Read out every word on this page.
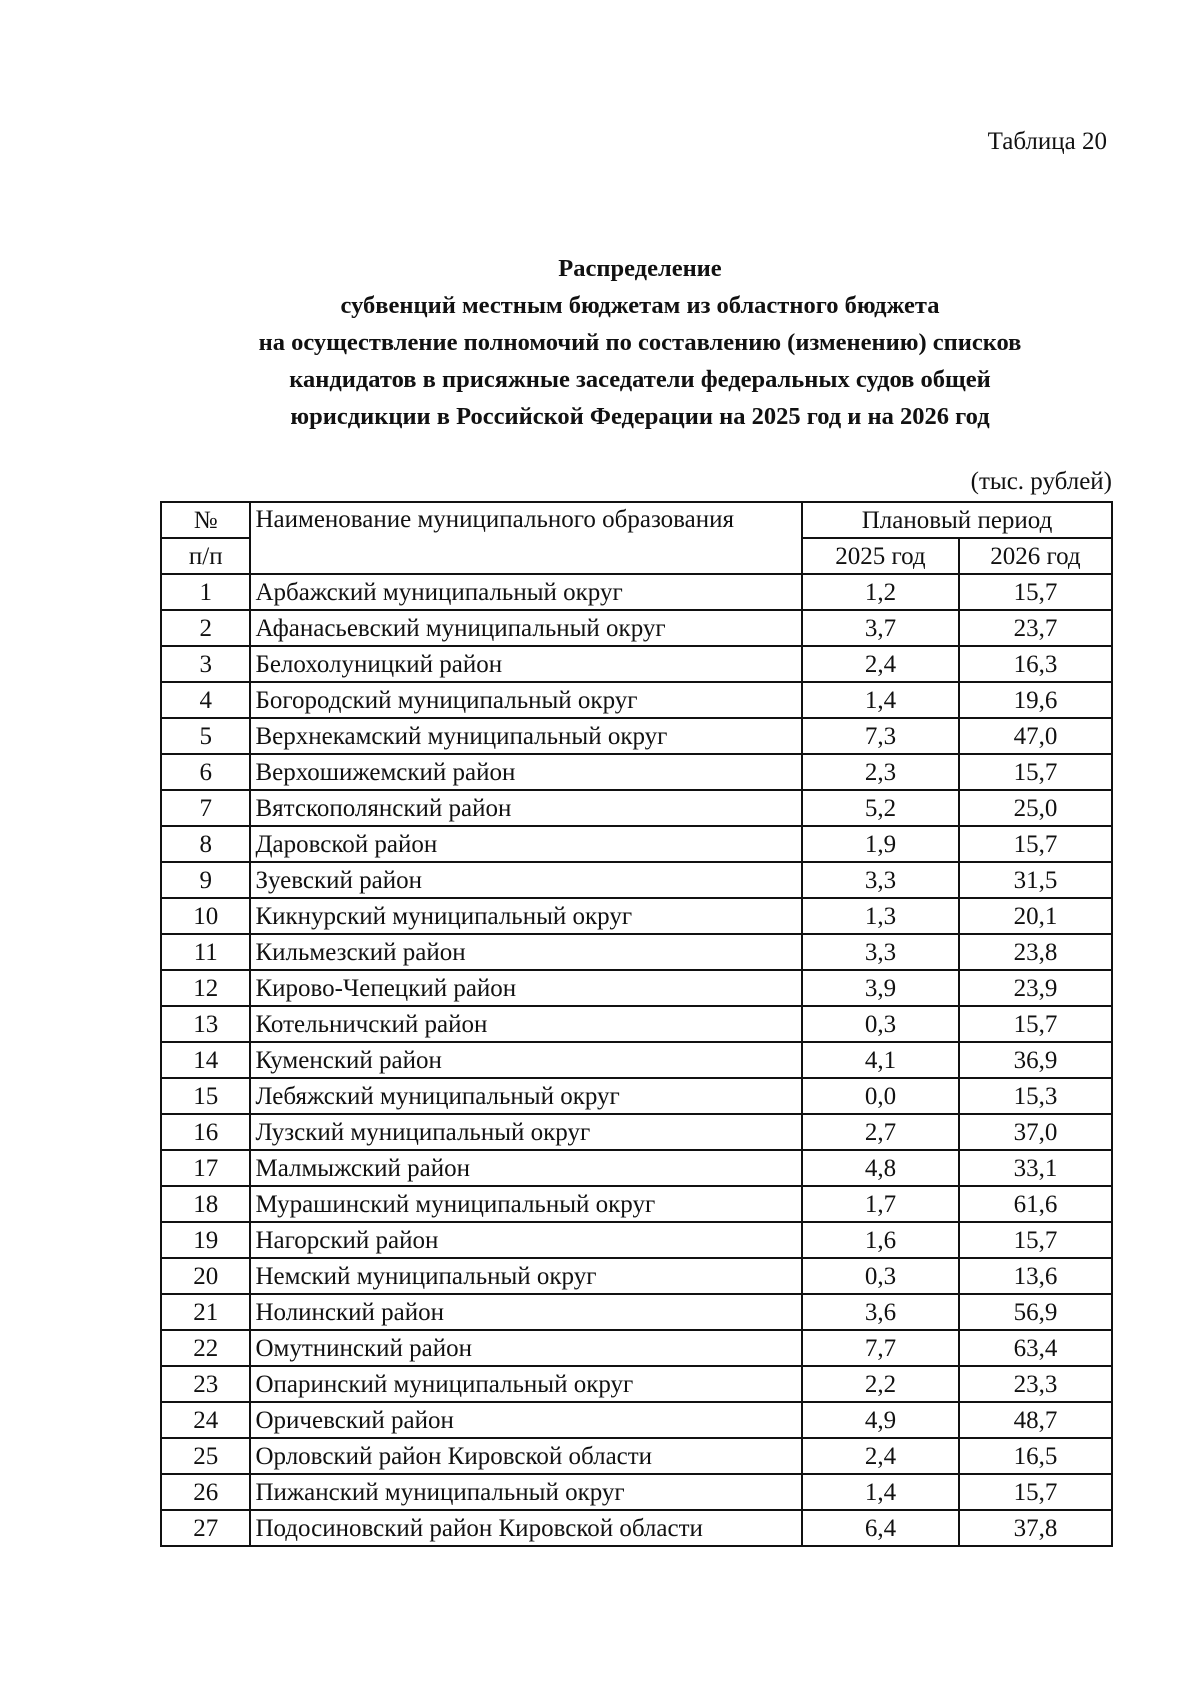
Таблица 20
Распределение
субвенций местным бюджетам из областного бюджета
на осуществление полномочий по составлению (изменению) списков
кандидатов в присяжные заседатели федеральных судов общей
юрисдикции в Российской Федерации на 2025 год и на 2026 год
(тыс. рублей)
№	Наименование муниципального образования	Плановый период	
п/п		2025 год	2026 год
1	Арбажский муниципальный округ	1,2	15,7
2	Афанасьевский муниципальный округ	3,7	23,7
3	Белохолуницкий район	2,4	16,3
4	Богородский муниципальный округ	1,4	19,6
5	Верхнекамский муниципальный округ	7,3	47,0
6	Верхошижемский район	2,3	15,7
7	Вятскополянский район	5,2	25,0
8	Даровской район	1,9	15,7
9	Зуевский район	3,3	31,5
10	Кикнурский муниципальный округ	1,3	20,1
11	Кильмезский район	3,3	23,8
12	Кирово-Чепецкий район	3,9	23,9
13	Котельничский район	0,3	15,7
14	Куменский район	4,1	36,9
15	Лебяжский муниципальный округ	0,0	15,3
16	Лузский муниципальный округ	2,7	37,0
17	Малмыжский район	4,8	33,1
18	Мурашинский муниципальный округ	1,7	61,6
19	Нагорский район	1,6	15,7
20	Немский муниципальный округ	0,3	13,6
21	Нолинский район	3,6	56,9
22	Омутнинский район	7,7	63,4
23	Опаринский муниципальный округ	2,2	23,3
24	Оричевский район	4,9	48,7
25	Орловский район Кировской области	2,4	16,5
26	Пижанский муниципальный округ	1,4	15,7
27	Подосиновский район Кировской области	6,4	37,8
